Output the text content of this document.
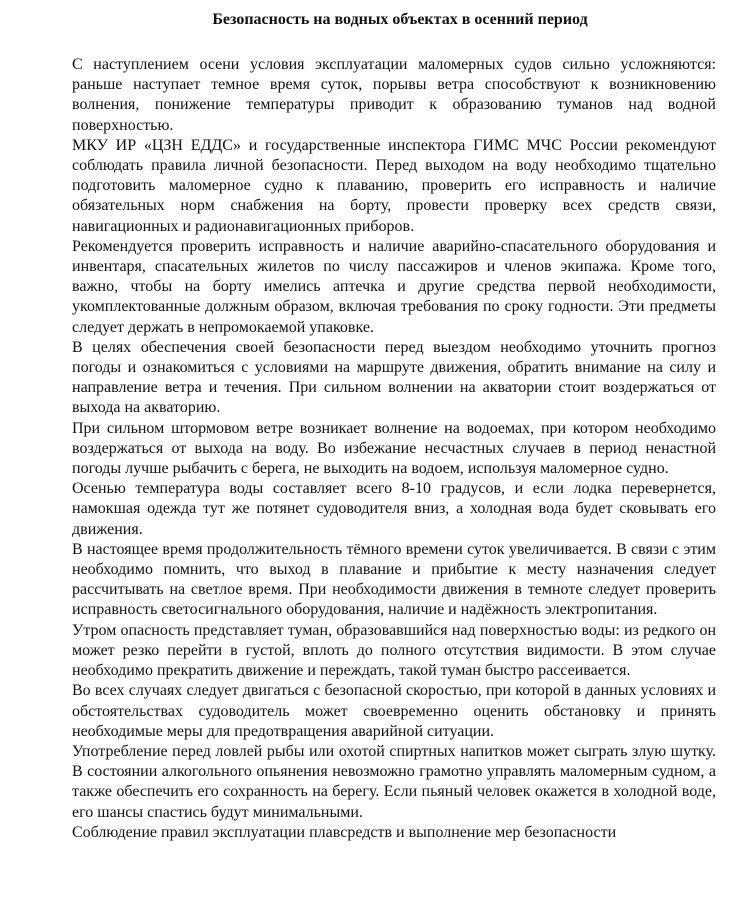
Безопасность на водных объектах в осенний период

С наступлением осени условия эксплуатации маломерных судов сильно усложняются: раньше наступает темное время суток, порывы ветра способствуют к возникновению волнения, понижение температуры приводит к образованию туманов над водной поверхностью.

МКУ ИР «ЦЗН ЕДДС» и государственные инспектора ГИМС МЧС России рекомендуют соблюдать правила личной безопасности. Перед выходом на воду необходимо тщательно подготовить маломерное судно к плаванию, проверить его исправность и наличие обязательных норм снабжения на борту, провести проверку всех средств связи, навигационных и радионавигационных приборов.

Рекомендуется проверить исправность и наличие аварийно-спасательного оборудования и инвентаря, спасательных жилетов по числу пассажиров и членов экипажа. Кроме того, важно, чтобы на борту имелись аптечка и другие средства первой необходимости, укомплектованные должным образом, включая требования по сроку годности. Эти предметы следует держать в непромокаемой упаковке.

В целях обеспечения своей безопасности перед выездом необходимо уточнить прогноз погоды и ознакомиться с условиями на маршруте движения, обратить внимание на силу и направление ветра и течения. При сильном волнении на акватории стоит воздержаться от выхода на акваторию.

При сильном штормовом ветре возникает волнение на водоемах, при котором необходимо воздержаться от выхода на воду. Во избежание несчастных случаев в период ненастной погоды лучше рыбачить с берега, не выходить на водоем, используя маломерное судно.

Осенью температура воды составляет всего 8-10 градусов, и если лодка перевернется, намокшая одежда тут же потянет судоводителя вниз, а холодная вода будет сковывать его движения.

В настоящее время продолжительность тёмного времени суток увеличивается. В связи с этим необходимо помнить, что выход в плавание и прибытие к месту назначения следует рассчитывать на светлое время. При необходимости движения в темноте следует проверить исправность светосигнального оборудования, наличие и надёжность электропитания.

Утром опасность представляет туман, образовавшийся над поверхностью воды: из редкого он может резко перейти в густой, вплоть до полного отсутствия видимости. В этом случае необходимо прекратить движение и переждать, такой туман быстро рассеивается.

Во всех случаях следует двигаться с безопасной скоростью, при которой в данных условиях и обстоятельствах судоводитель может своевременно оценить обстановку и принять необходимые меры для предотвращения аварийной ситуации.

Употребление перед ловлей рыбы или охотой спиртных напитков может сыграть злую шутку. В состоянии алкогольного опьянения невозможно грамотно управлять маломерным судном, а также обеспечить его сохранность на берегу. Если пьяный человек окажется в холодной воде, его шансы спастись будут минимальными.

Соблюдение правил эксплуатации плавсредств и выполнение мер безопасности
